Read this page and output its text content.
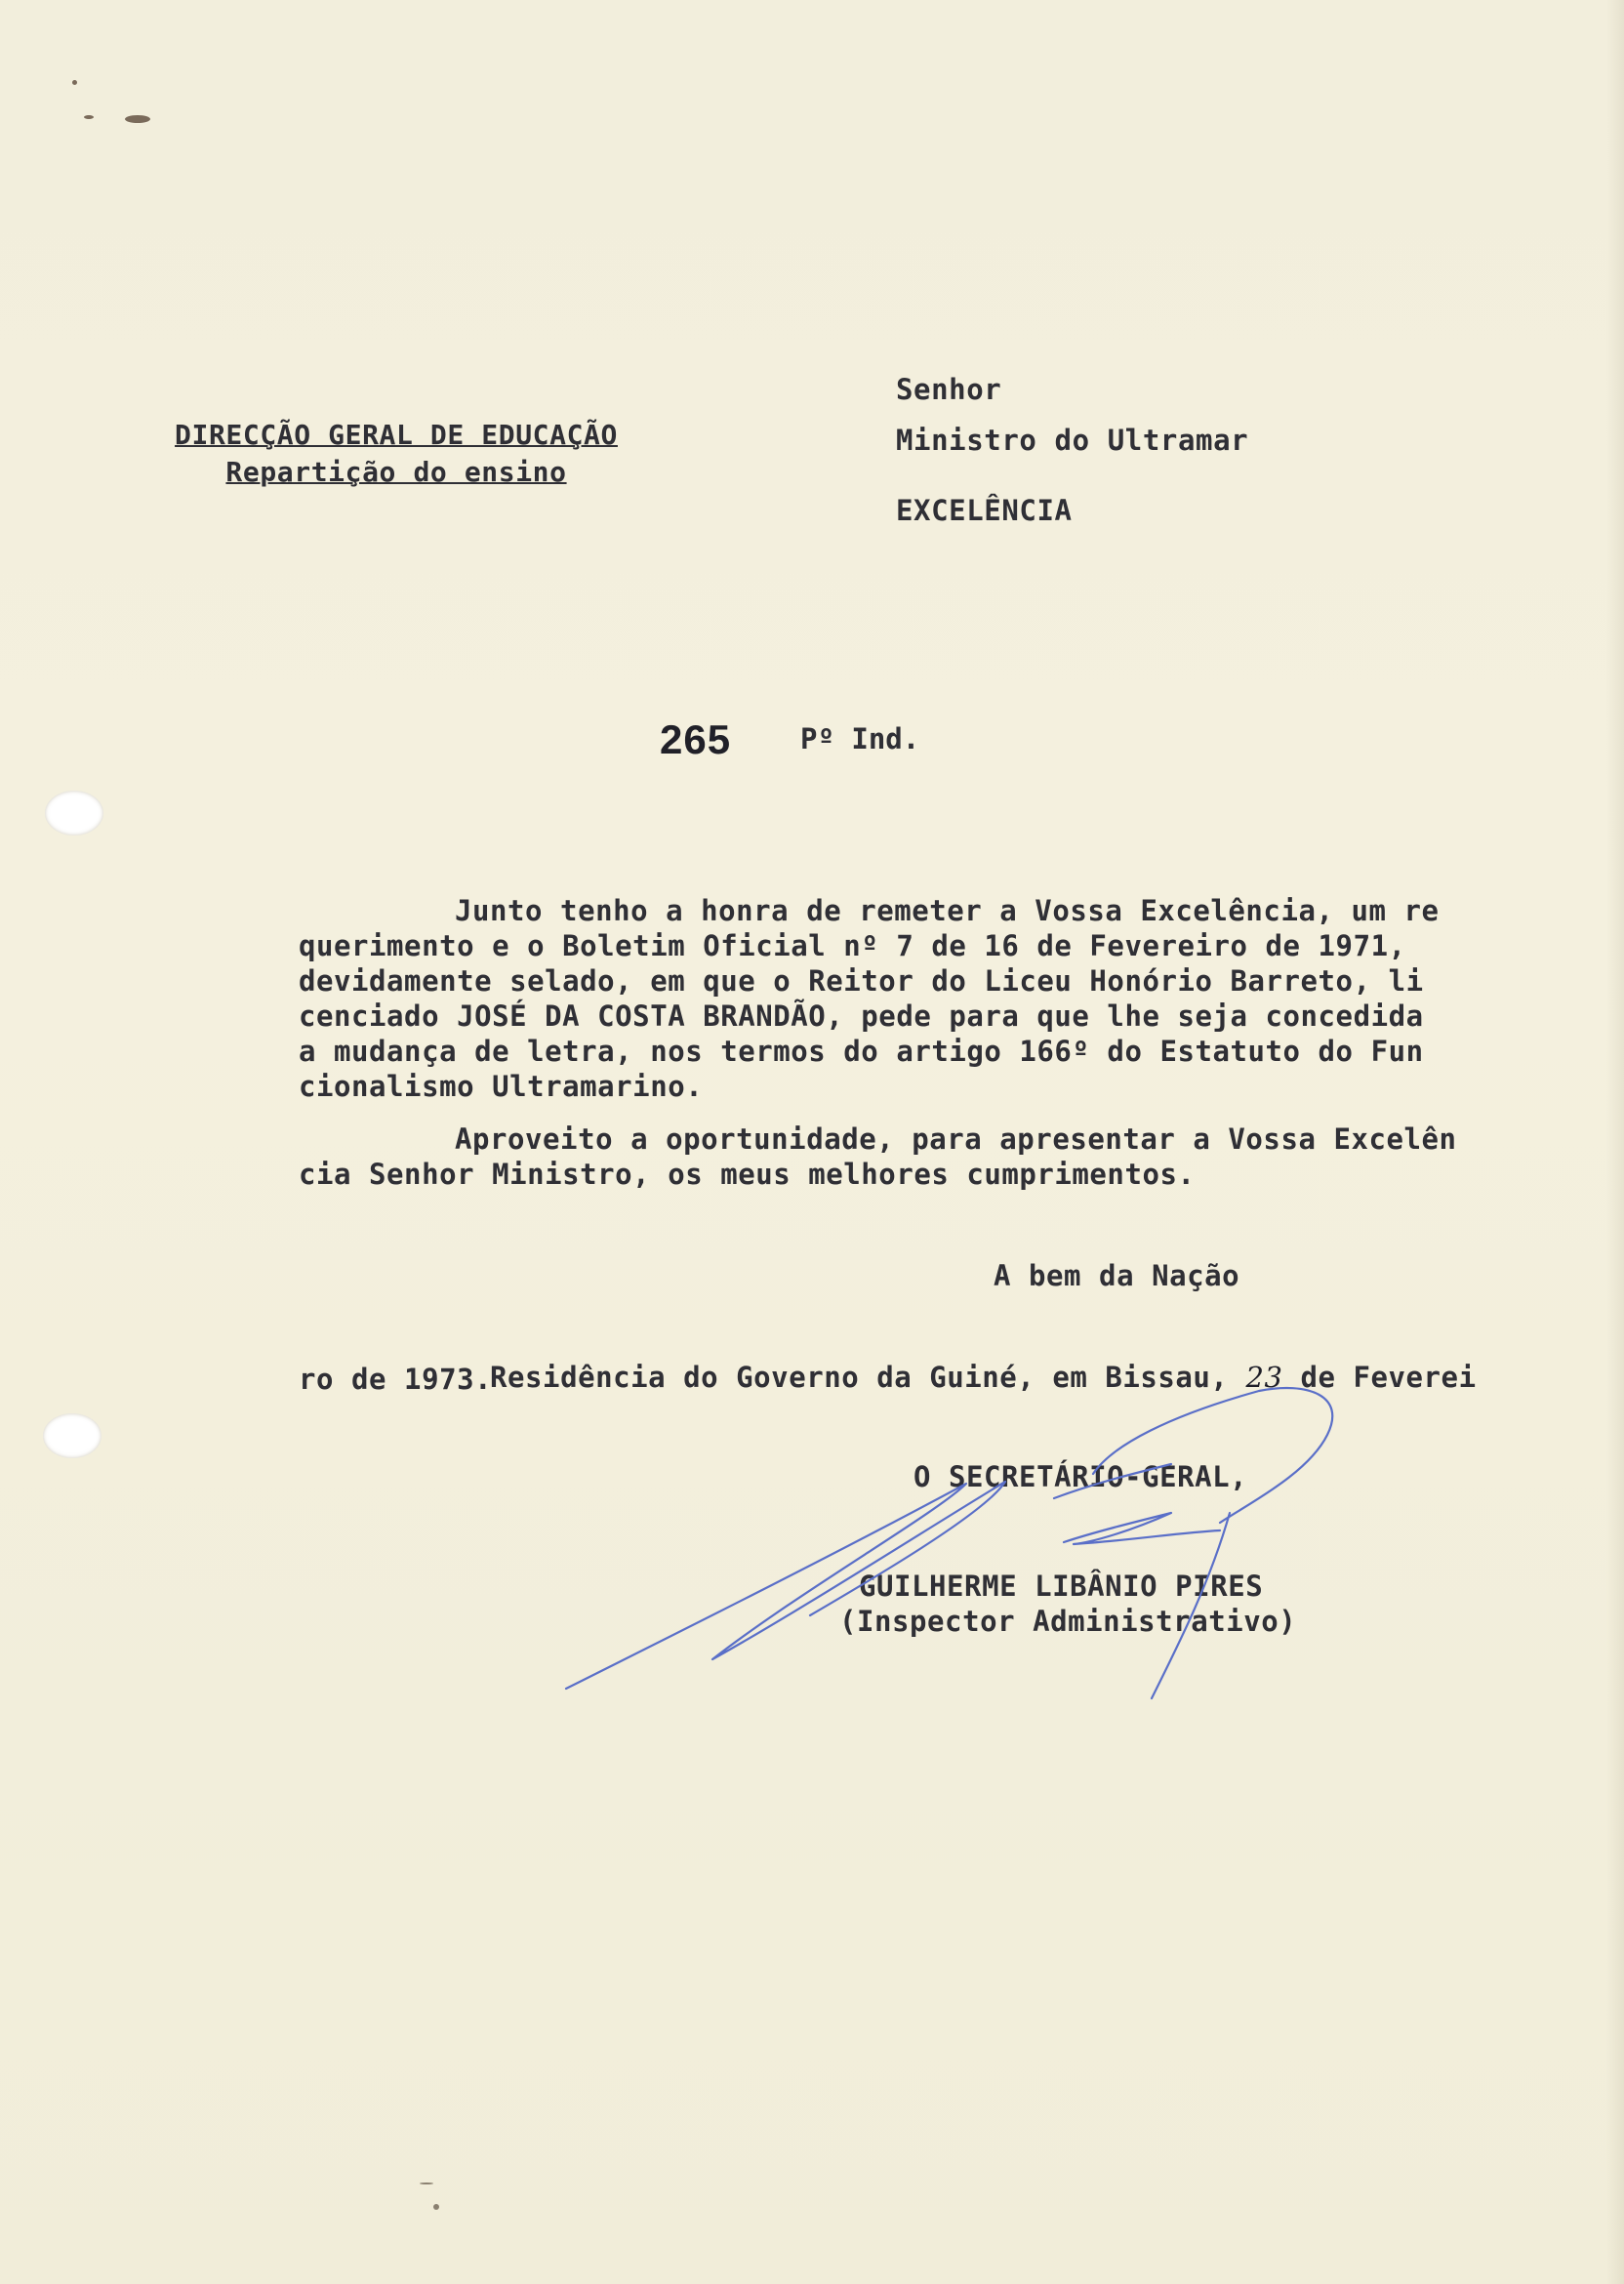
DIRECÇÃO GERAL DE EDUCAÇÃO
Repartição do ensino
Senhor
Ministro do Ultramar
EXCELÊNCIA
265 Pº Ind.
Junto tenho a honra de remeter a Vossa Excelência, um re
querimento e o Boletim Oficial nº 7 de 16 de Fevereiro de 1971,
devidamente selado, em que o Reitor do Liceu Honório Barreto, li
cenciado JOSÉ DA COSTA BRANDÃO, pede para que lhe seja concedida
a mudança de letra, nos termos do artigo 166º do Estatuto do Fun
cionalismo Ultramarino.
Aproveito a oportunidade, para apresentar a Vossa Excelên
cia Senhor Ministro, os meus melhores cumprimentos.
A bem da Nação

Residência do Governo da Guiné, em Bissau, 23 de Feverei

ro de 1973.
O SECRETÁRIO-GERAL,
GUILHERME LIBÂNIO PIRES
(Inspector Administrativo)
